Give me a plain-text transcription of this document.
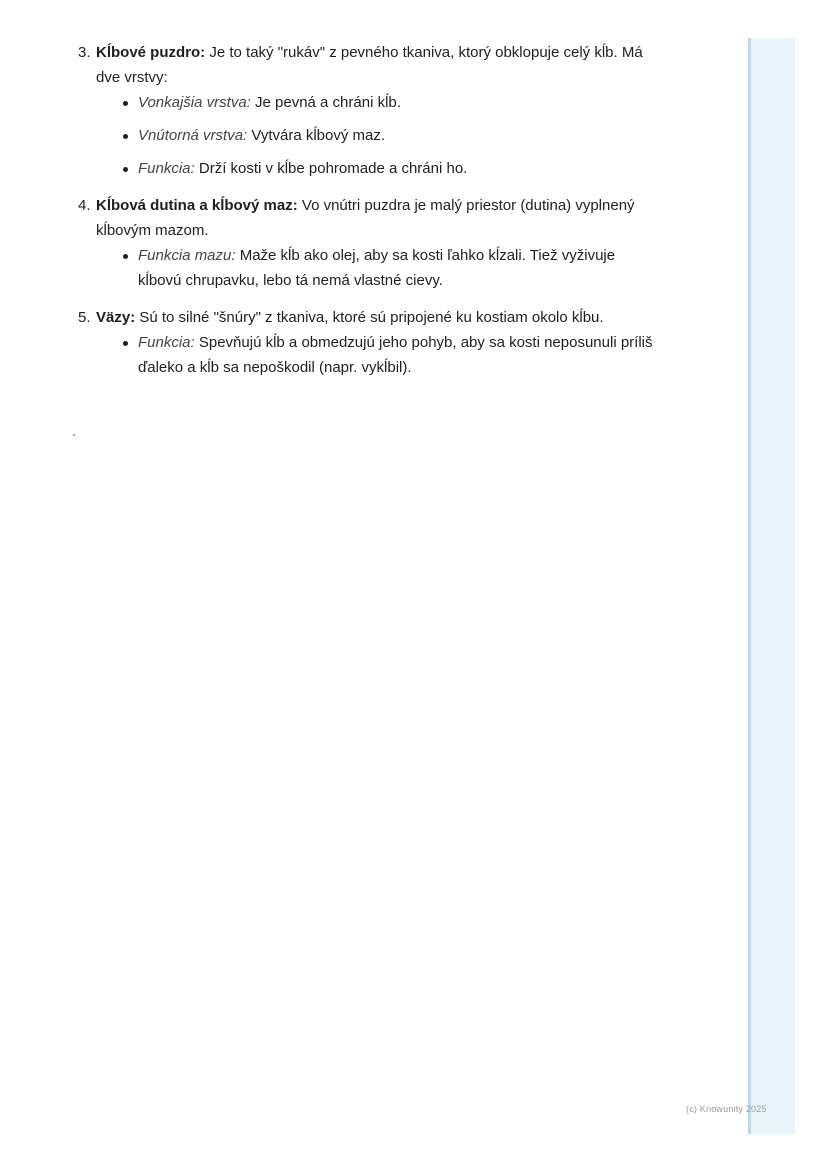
3. Kĺbové puzdro: Je to taký "rukáv" z pevného tkaniva, ktorý obklopuje celý kĺb. Má dve vrstvy:
Vonkajšia vrstva: Je pevná a chráni kĺb.
Vnútorná vrstva: Vytvára kĺbový maz.
Funkcia: Drží kosti v kĺbe pohromade a chráni ho.
4. Kĺbová dutina a kĺbový maz: Vo vnútri puzdra je malý priestor (dutina) vyplnený kĺbovým mazom.
Funkcia mazu: Maže kĺb ako olej, aby sa kosti ľahko kĺzali. Tiež vyživuje kĺbovú chrupavku, lebo tá nemá vlastné cievy.
5. Väzy: Sú to silné "šnúry" z tkaniva, ktoré sú pripojené ku kostiam okolo kĺbu.
Funkcia: Spevňujú kĺb a obmedzujú jeho pohyb, aby sa kosti neposunuli príliš ďaleko a kĺb sa nepoškodil (napr. vykĺbil).
`
(c) Knowunity 2025
